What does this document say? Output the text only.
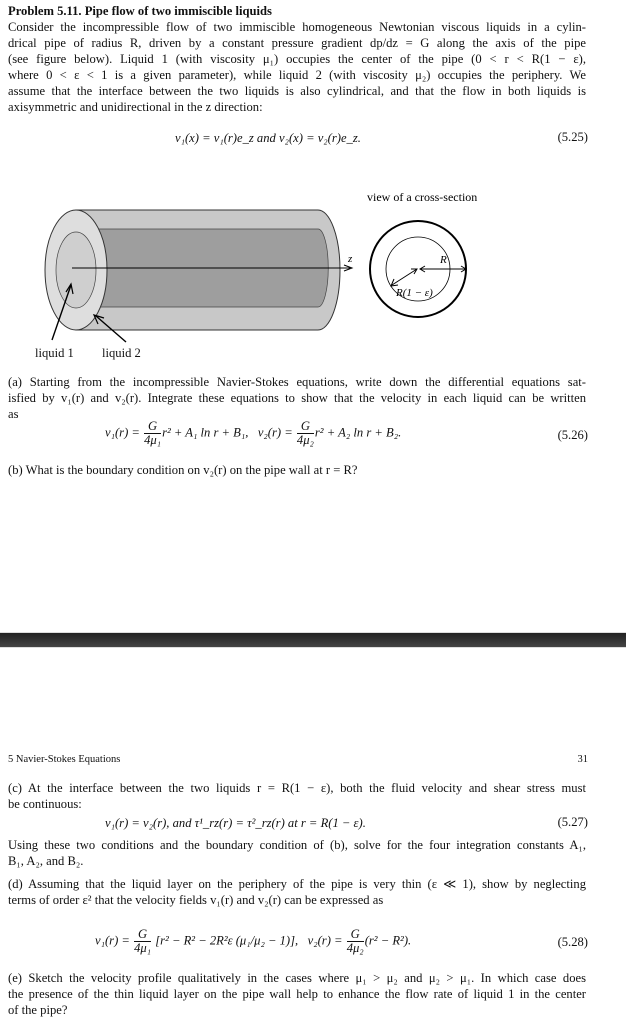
Problem 5.11. Pipe flow of two immiscible liquids
Consider the incompressible flow of two immiscible homogeneous Newtonian viscous liquids in a cylin-
drical pipe of radius R, driven by a constant pressure gradient dp/dz = G along the axis of the pipe
(see figure below). Liquid 1 (with viscosity μ₁) occupies the center of the pipe (0 < r < R(1 − ε),
where 0 < ε < 1 is a given parameter), while liquid 2 (with viscosity μ₂) occupies the periphery. We
assume that the interface between the two liquids is also cylindrical, and that the flow in both liquids is
axisymmetric and unidirectional in the z direction:
v₁(x) = v₁(r)e_z and v₂(x) = v₂(r)e_z.	(5.25)
z
view of a cross-section
R
R(1 − ε)
liquid 1 liquid 2
(a) Starting from the incompressible Navier-Stokes equations, write down the differential equations sat-
isfied by v₁(r) and v₂(r). Integrate these equations to show that the velocity in each liquid can be written
as
$v_1(r) = \frac{G}{\text{4μ₁}} r^2 + A_1$ ln r + B₁, $v_2(r) = \frac{G}{\text{4μ₂}} r^2 + A_2$ ln r + B₂.	(5.26)
(b) What is the boundary condition on v₂(r) on the pipe wall at r = R?
5 Navier-Stokes Equations	31
(c) At the interface between the two liquids r = R(1 − ε), both the fluid velocity and shear stress must
be continuous:
v₁(r) = v₂(r), and τ¹_rz(r) = τ²_rz(r) at r = R(1 − ε).	(5.27)
Using these two conditions and the boundary condition of (b), solve for the four integration constants A₁,
B₁, A₂, and B₂.
(d) Assuming that the liquid layer on the periphery of the pipe is very thin (ε ≪ 1), show by neglecting
terms of order ε² that the velocity fields v₁(r) and v₂(r) can be expressed as
$v_1(r) = \frac{G}{\text{4μ₁}} [r^2 - R^2 - 2R^2\varepsilon$ (μ₁/μ₂ − 1)], $v_2(r) = \frac{G}{\text{4μ₂}} (r^2 - R^2)$.	(5.28)
(e) Sketch the velocity profile qualitatively in the cases where μ₁ > μ₂ and μ₂ > μ₁. In which case does
the presence of the thin liquid layer on the pipe wall help to enhance the flow rate of liquid 1 in the center
of the pipe?
